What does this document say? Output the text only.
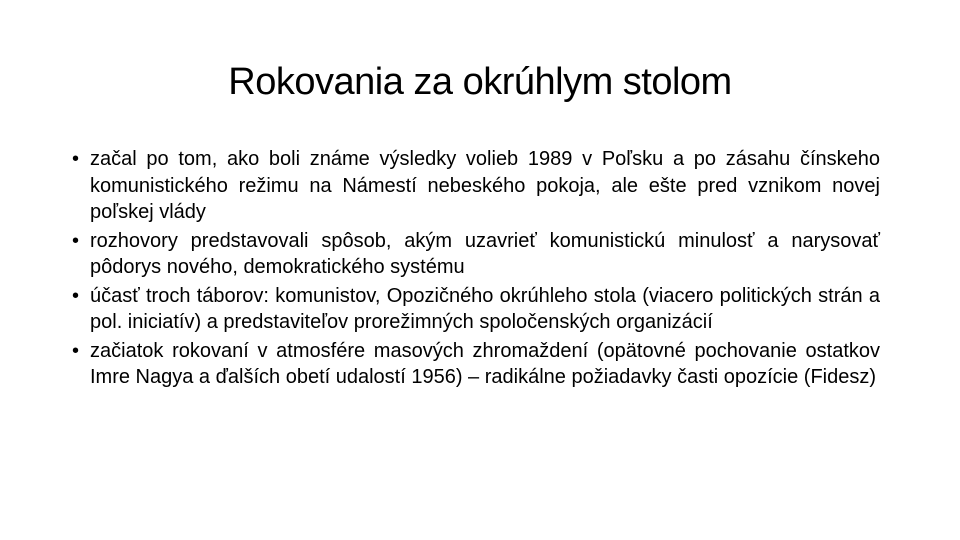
Rokovania za okrúhlym stolom
• začal po tom, ako boli známe výsledky volieb 1989 v Poľsku a po zásahu čínskeho komunistického režimu na Námestí nebeského pokoja, ale ešte pred vznikom novej poľskej vlády
• rozhovory predstavovali spôsob, akým uzavrieť komunistickú minulosť a narysovať pôdorys nového, demokratického systému
• účasť troch táborov: komunistov, Opozičného okrúhleho stola (viacero politických strán a pol. iniciatív) a predstaviteľov prorežimných spoločenských organizácií
• začiatok rokovaní v atmosfére masových zhromaždení (opätovné pochovanie ostatkov Imre Nagya a ďalších obetí udalostí 1956) – radikálne požiadavky časti opozície (Fidesz)
